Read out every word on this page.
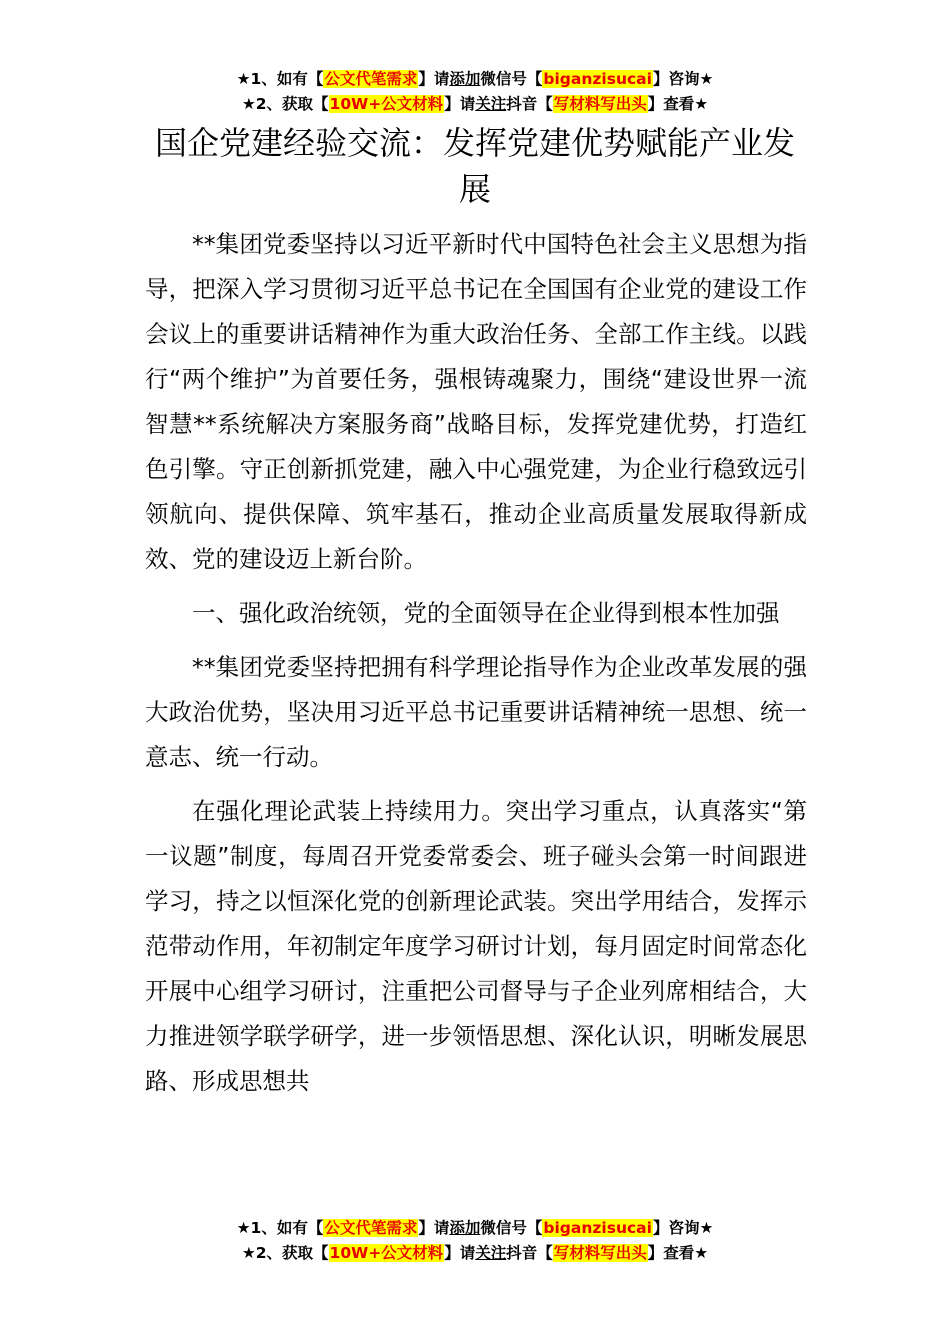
★1、如有【公文代笔需求】请添加微信号【biganzisucai】咨询★
★2、获取【10W+公文材料】请关注抖音【写材料写出头】查看★
国企党建经验交流：发挥党建优势赋能产业发展

**集团党委坚持以习近平新时代中国特色社会主义思想为指导，把深入学习贯彻习近平总书记在全国国有企业党的建设工作会议上的重要讲话精神作为重大政治任务、全部工作主线。以践行“两个维护”为首要任务，强根铸魂聚力，围绕“建设世界一流智慧**系统解决方案服务商”战略目标，发挥党建优势，打造红色引擎。守正创新抓党建，融入中心强党建，为企业行稳致远引领航向、提供保障、筑牢基石，推动企业高质量发展取得新成效、党的建设迈上新台阶。

一、强化政治统领，党的全面领导在企业得到根本性加强

**集团党委坚持把拥有科学理论指导作为企业改革发展的强大政治优势，坚决用习近平总书记重要讲话精神统一思想、统一意志、统一行动。

在强化理论武装上持续用力。突出学习重点，认真落实“第一议题”制度，每周召开党委常委会、班子碰头会第一时间跟进学习，持之以恒深化党的创新理论武装。突出学用结合，发挥示范带动作用，年初制定年度学习研讨计划，每月固定时间常态化开展中心组学习研讨，注重把公司督导与子企业列席相结合，大力推进领学联学研学，进一步领悟思想、深化认识，明晰发展思路、形成思想共

★1、如有【公文代笔需求】请添加微信号【biganzisucai】咨询★
★2、获取【10W+公文材料】请关注抖音【写材料写出头】查看★
